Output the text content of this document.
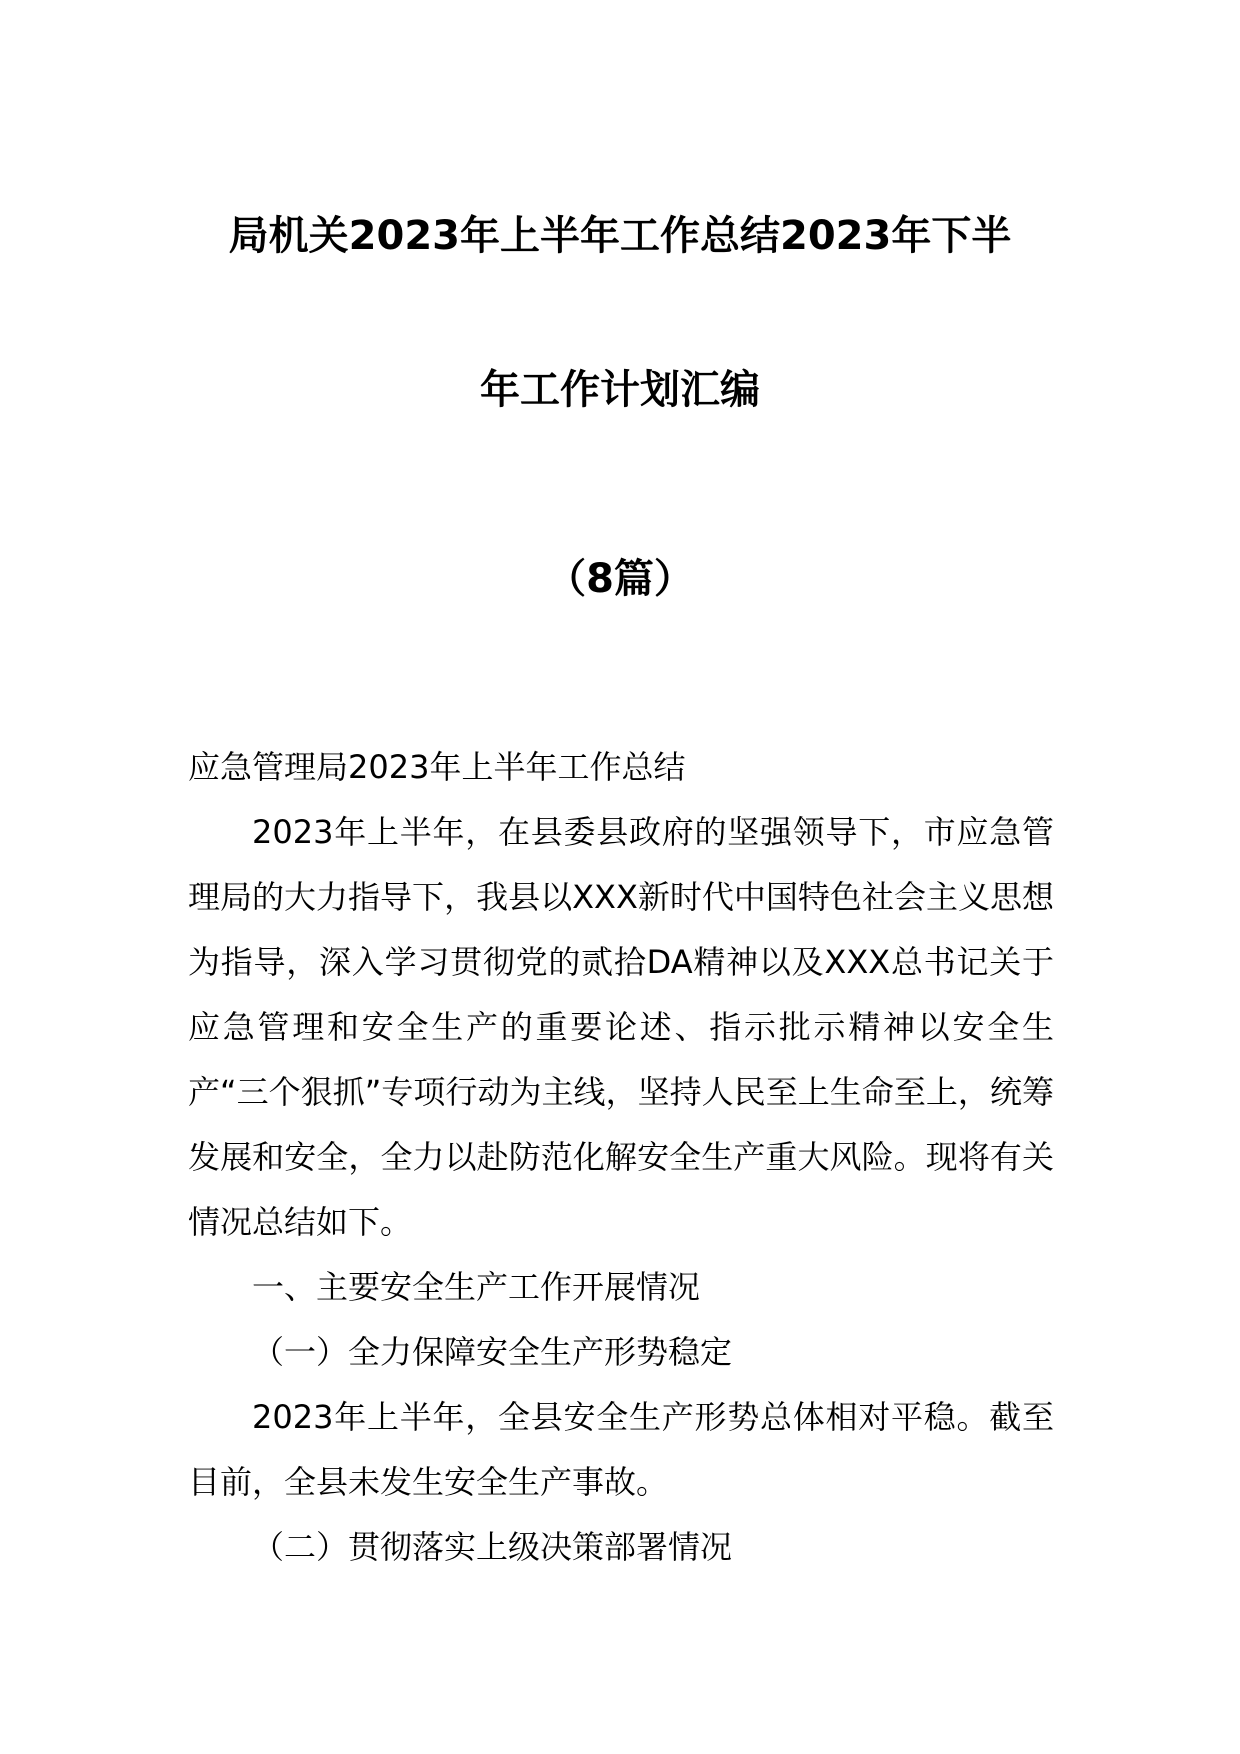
局机关2023年上半年工作总结2023年下半
年工作计划汇编
（8篇）

应急管理局2023年上半年工作总结

2023年上半年，在县委县政府的坚强领导下，市应急管理局的大力指导下，我县以XXX新时代中国特色社会主义思想为指导，深入学习贯彻党的贰拾DA精神以及XXX总书记关于应急管理和安全生产的重要论述、指示批示精神以安全生产“三个狠抓”专项行动为主线，坚持人民至上生命至上，统筹发展和安全，全力以赴防范化解安全生产重大风险。现将有关情况总结如下。

一、主要安全生产工作开展情况

（一）全力保障安全生产形势稳定

2023年上半年，全县安全生产形势总体相对平稳。截至目前，全县未发生安全生产事故。

（二）贯彻落实上级决策部署情况
